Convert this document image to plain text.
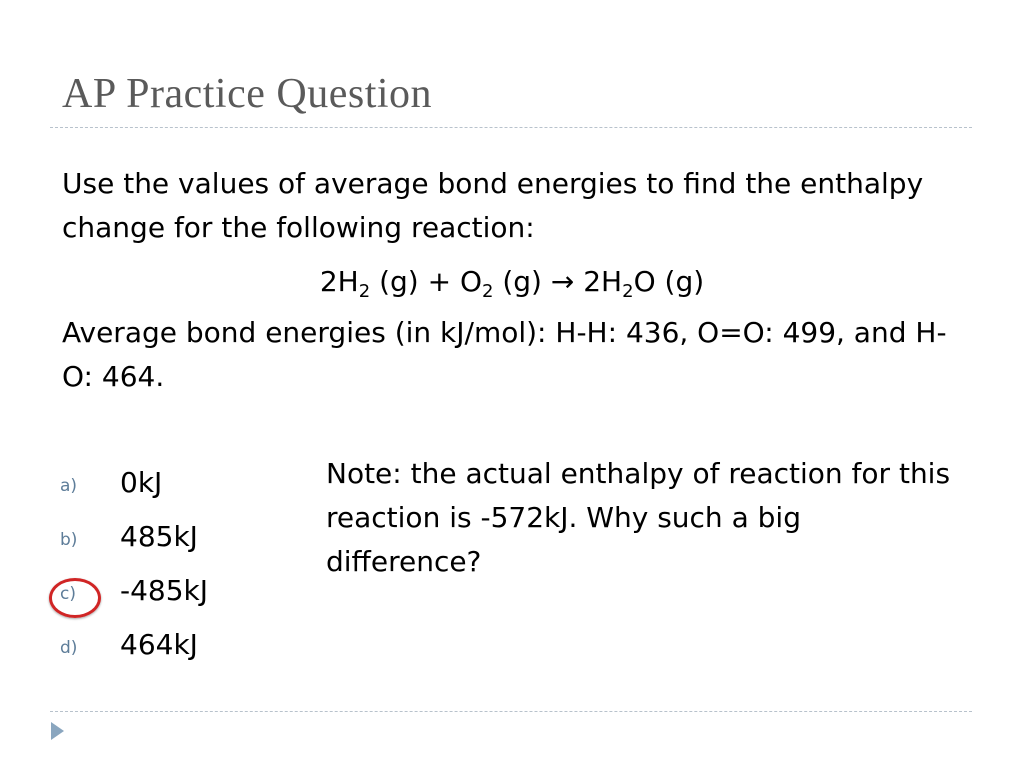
AP Practice Question
Use the values of average bond energies to find the enthalpy change for the following reaction:
$2H_2$ $(g) + O_2$ $(g) \to 2H_2O$ (g)
Average bond energies (in kJ/mol): H-H: 436, O=O: 499, and H-O: 464.
a) 0kJ
b) 485kJ
c) -485kJ
d) 464kJ
Note: the actual enthalpy of reaction for this reaction is -572kJ. Why such a big difference?
